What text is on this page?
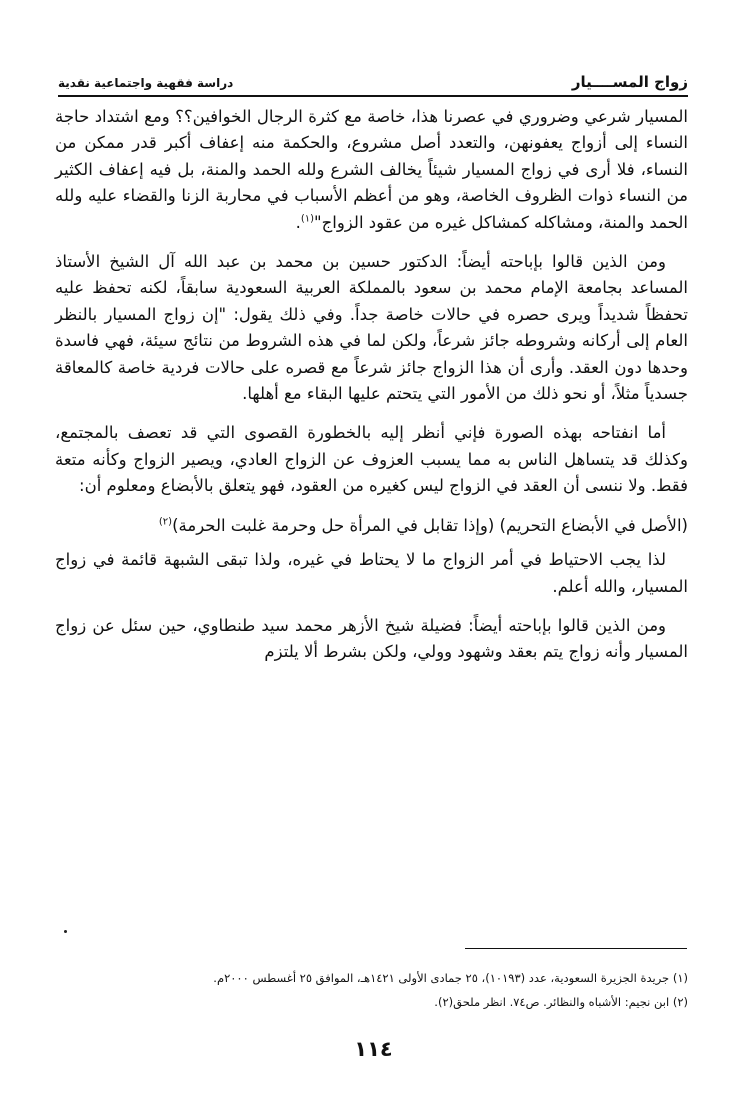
زواج المســــيار
دراسة فقهية واجتماعية نقدية

المسيار شرعي وضروري في عصرنا هذا، خاصة مع كثرة الرجال الخوافين؟؟ ومع اشتداد حاجة النساء إلى أزواج يعفونهن، والتعدد أصل مشروع، والحكمة منه إعفاف أكبر قدر ممكن من النساء، فلا أرى في زواج المسيار شيئاً يخالف الشرع ولله الحمد والمنة، بل فيه إعفاف الكثير من النساء ذوات الظروف الخاصة، وهو من أعظم الأسباب في محاربة الزنا والقضاء عليه ولله الحمد والمنة، ومشاكله كمشاكل غيره من عقود الزواج"$^{(١)}$.

ومن الذين قالوا بإباحته أيضاً: الدكتور حسين بن محمد بن عبد الله آل الشيخ الأستاذ المساعد بجامعة الإمام محمد بن سعود بالمملكة العربية السعودية سابقاً، لكنه تحفظ عليه تحفظاً شديداً ويرى حصره في حالات خاصة جداً. وفي ذلك يقول: "إن زواج المسيار بالنظر العام إلى أركانه وشروطه جائز شرعاً، ولكن لما في هذه الشروط من نتائج سيئة، فهي فاسدة وحدها دون العقد. وأرى أن هذا الزواج جائز شرعاً مع قصره على حالات فردية خاصة كالمعاقة جسدياً مثلاً، أو نحو ذلك من الأمور التي يتحتم عليها البقاء مع أهلها.

أما انفتاحه بهذه الصورة فإني أنظر إليه بالخطورة القصوى التي قد تعصف بالمجتمع، وكذلك قد يتساهل الناس به مما يسبب العزوف عن الزواج العادي، ويصير الزواج وكأنه متعة فقط. ولا ننسى أن العقد في الزواج ليس كغيره من العقود، فهو يتعلق بالأبضاع ومعلوم أن:

(الأصل في الأبضاع التحريم) (وإذا تقابل في المرأة حل وحرمة غلبت الحرمة)$^{(٢)}$

لذا يجب الاحتياط في أمر الزواج ما لا يحتاط في غيره، ولذا تبقى الشبهة قائمة في زواج المسيار، والله أعلم.

ومن الذين قالوا بإباحته أيضاً: فضيلة شيخ الأزهر محمد سيد طنطاوي، حين سئل عن زواج المسيار وأنه زواج يتم بعقد وشهود وولي، ولكن بشرط ألا يلتزم

(١) جريدة الجزيرة السعودية، عدد (١٠١٩٣)، ٢٥ جمادى الأولى ١٤٢١هـ، الموافق ٢٥ أغسطس ٢٠٠٠م.
(٢) ابن نجيم: الأشباه والنظائر. ص٧٤. انظر ملحق(٢).
١١٤
